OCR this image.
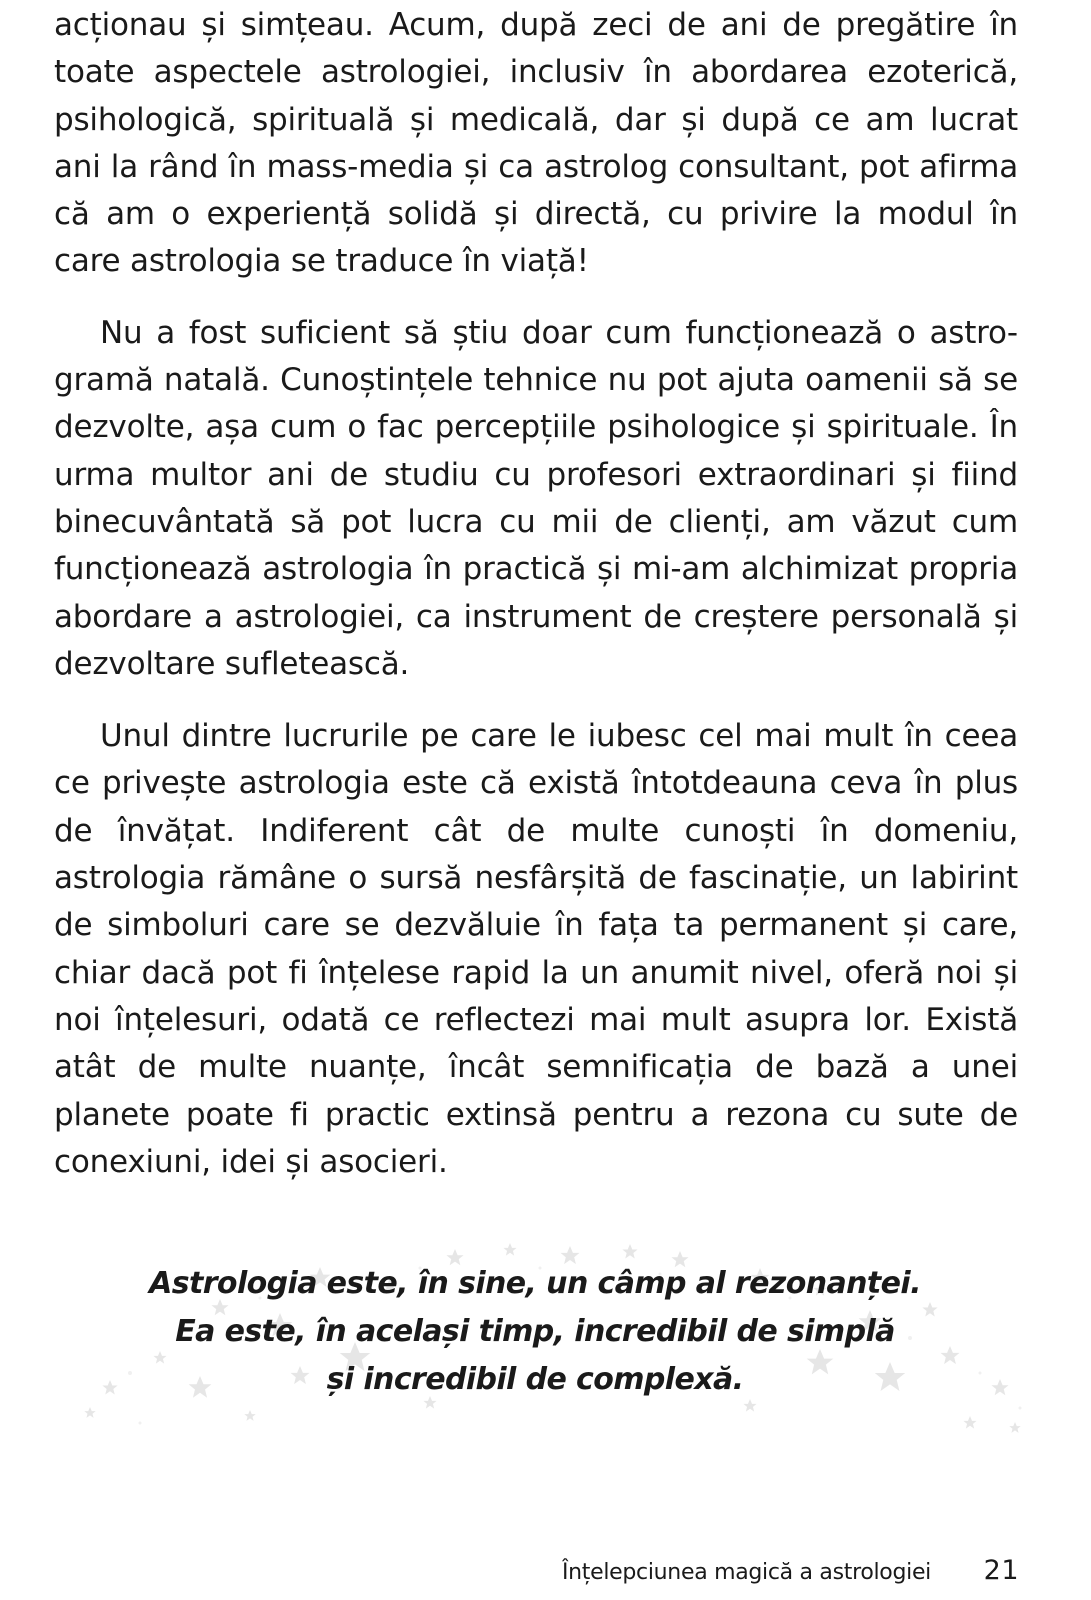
acționau și simțeau. Acum, după zeci de ani de pregătire în toate aspectele astrologiei, inclusiv în abordarea ezoterică, psihologică, spirituală și medicală, dar și după ce am lucrat ani la rând în mass-media și ca astrolog consultant, pot afirma că am o experiență solidă și directă, cu privire la modul în care astrologia se traduce în viață!

Nu a fost suficient să știu doar cum funcționează o astrogramă natală. Cunoștințele tehnice nu pot ajuta oamenii să se dezvolte, așa cum o fac percepțiile psihologice și spirituale. În urma multor ani de studiu cu profesori extraordinari și fiind binecuvântată să pot lucra cu mii de clienți, am văzut cum funcționează astrologia în practică și mi-am alchimizat propria abordare a astrologiei, ca instrument de creștere personală și dezvoltare sufletească.

Unul dintre lucrurile pe care le iubesc cel mai mult în ceea ce privește astrologia este că există întotdeauna ceva în plus de învățat. Indiferent cât de multe cunoști în domeniu, astrologia rămâne o sursă nesfârșită de fascinație, un labirint de simboluri care se dezvăluie în fața ta permanent și care, chiar dacă pot fi înțelese rapid la un anumit nivel, oferă noi și noi înțelesuri, odată ce reflectezi mai mult asupra lor. Există atât de multe nuanțe, încât semnificația de bază a unei planete poate fi practic extinsă pentru a rezona cu sute de conexiuni, idei și asocieri.

Astrologia este, în sine, un câmp al rezonanței.
Ea este, în același timp, incredibil de simplă
și incredibil de complexă.
Înțelepciunea magică a astrologiei 21
